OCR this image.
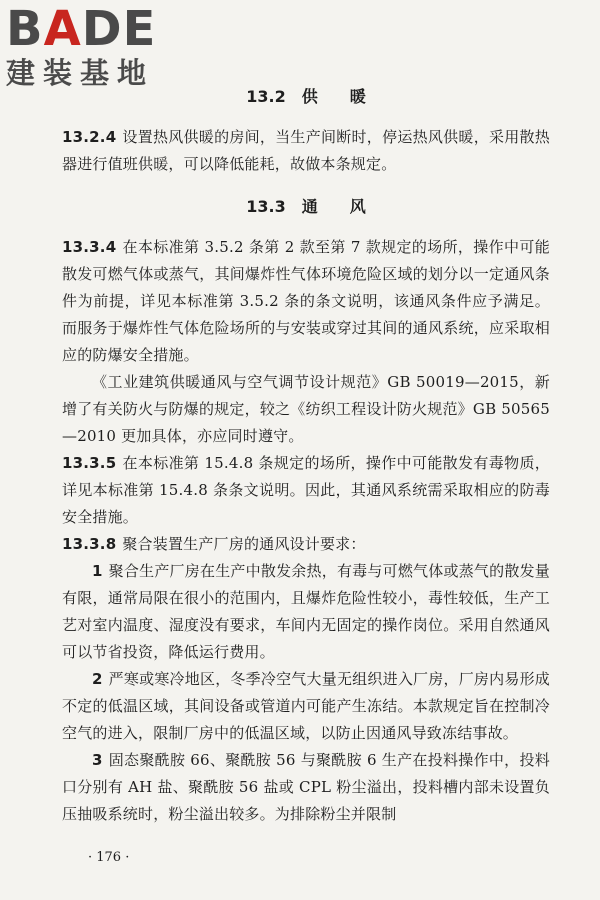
B A DE
建装基地
13.2　供　　暖

13.2.4 设置热风供暖的房间，当生产间断时，停运热风供暖，采用散热器进行值班供暖，可以降低能耗，故做本条规定。

13.3　通　　风

13.3.4 在本标准第 3.5.2 条第 2 款至第 7 款规定的场所，操作中可能散发可燃气体或蒸气，其间爆炸性气体环境危险区域的划分以一定通风条件为前提，详见本标准第 3.5.2 条的条文说明，该通风条件应予满足。而服务于爆炸性气体危险场所的与安装或穿过其间的通风系统，应采取相应的防爆安全措施。

《工业建筑供暖通风与空气调节设计规范》GB 50019—2015，新增了有关防火与防爆的规定，较之《纺织工程设计防火规范》GB 50565—2010 更加具体，亦应同时遵守。

13.3.5 在本标准第 15.4.8 条规定的场所，操作中可能散发有毒物质，详见本标准第 15.4.8 条条文说明。因此，其通风系统需采取相应的防毒安全措施。

13.3.8 聚合装置生产厂房的通风设计要求：

1 聚合生产厂房在生产中散发余热，有毒与可燃气体或蒸气的散发量有限，通常局限在很小的范围内，且爆炸危险性较小，毒性较低，生产工艺对室内温度、湿度没有要求，车间内无固定的操作岗位。采用自然通风可以节省投资，降低运行费用。

2 严寒或寒冷地区，冬季冷空气大量无组织进入厂房，厂房内易形成不定的低温区域，其间设备或管道内可能产生冻结。本款规定旨在控制冷空气的进入，限制厂房中的低温区域，以防止因通风导致冻结事故。

3 固态聚酰胺 66、聚酰胺 56 与聚酰胺 6 生产在投料操作中，投料口分别有 AH 盐、聚酰胺 56 盐或 CPL 粉尘溢出，投料槽内部未设置负压抽吸系统时，粉尘溢出较多。为排除粉尘并限制

· 176 ·
